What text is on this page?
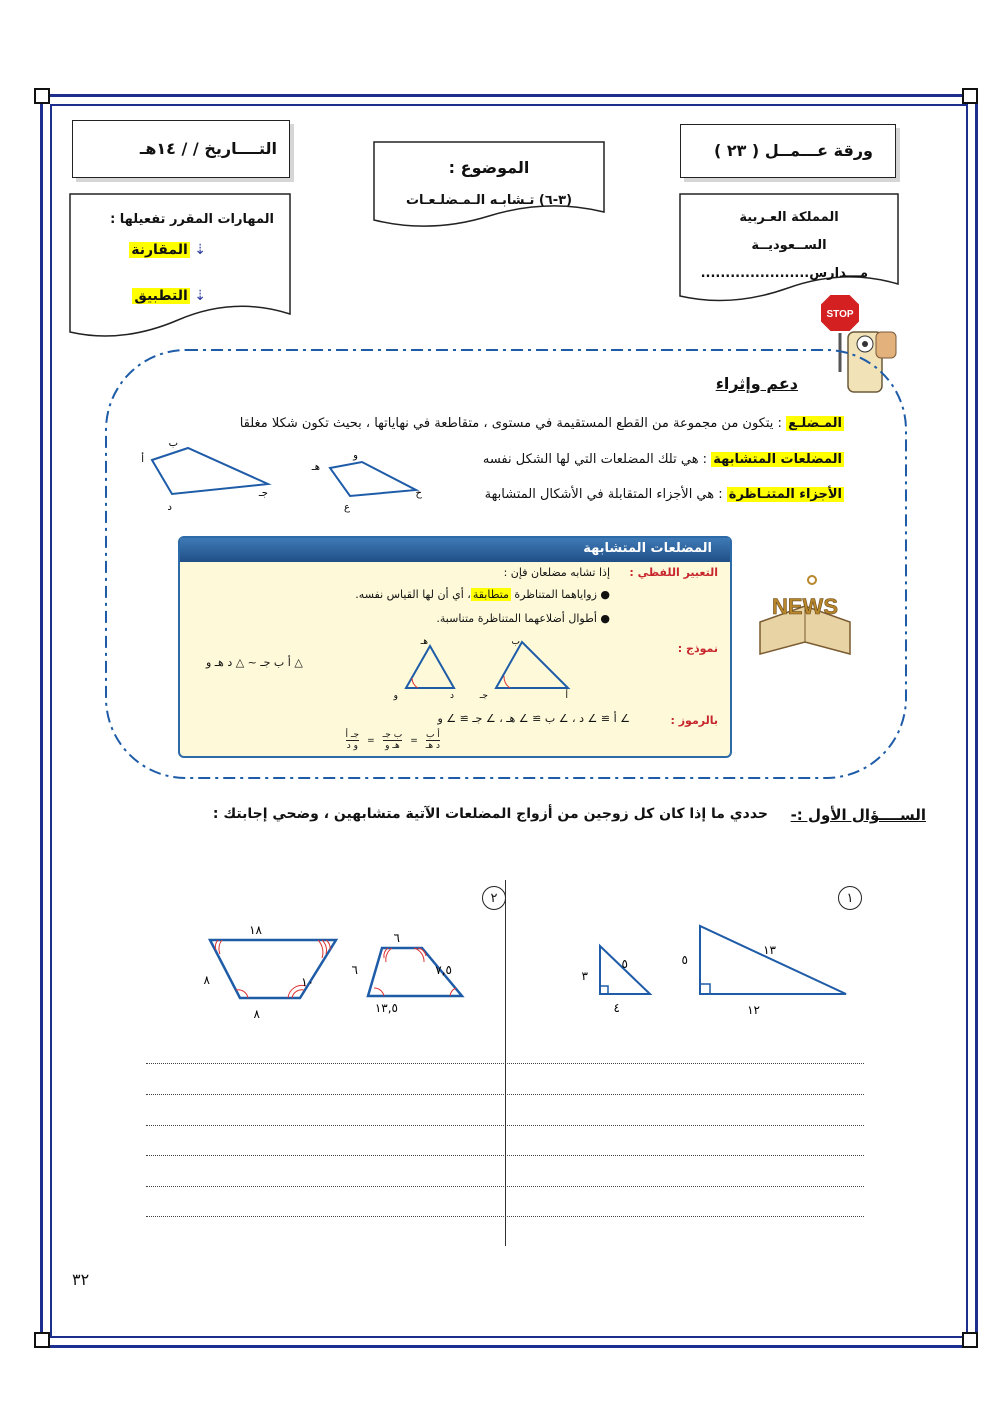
ورقة عـــمــل ( ٢٣ )
التــــاريخ / / ١٤هـ
الموضوع :
(٣-٦) تـشابـه الـمـضلـعـات
المملكة العـربية
الســعوديــة
مـــدارس......................
المهارات المقرر تفعيلها :
⇣ المقارنة
⇣ التطبيق
STOP
دعم وإثراء
المـضلـع : يتكون من مجموعة من القطع المستقيمة في مستوى ، متقاطعة في نهاياتها ، بحيث تكون شكلا مغلقا
المضلعات المتشابهة : هي تلك المضلعات التي لها الشكل نفسه
الأجزاء المتنـاظرة : هي الأجزاء المتقابلة في الأشكال المتشابهة
أ
ب
جـ
د
هـ
و
ح
ع
المضلعات المتشابهة
التعبير اللفظي :
إذا تشابه مضلعان فإن :
● زواياهما المتناظرة متطابقة، أي أن لها القياس نفسه.
● أطوال أضلاعهما المتناظرة متناسبة.
نموذج :
و
هـ
د	جـ
ب
أ
△ أ ب جـ ~ △ د هـ و
بالرموز :
∠ أ ≅ ∠ د ، ∠ ب ≅ ∠ هـ ، ∠ جـ ≅ ∠ و
أ ب
د هـ
=
ب جـ
هـ و
=
جـ أ
و د
NEWS
الســــؤال الأول :-
حددي ما إذا كان كل زوجين من أزواج المضلعات الآتية متشابهين ، وضحي إجابتك :
١
١٣
٥
١٢
٥
٣
٤
٢
١٨
٨	١٠
٨
٦
٦	٧,٥
١٣,٥
٣٢
